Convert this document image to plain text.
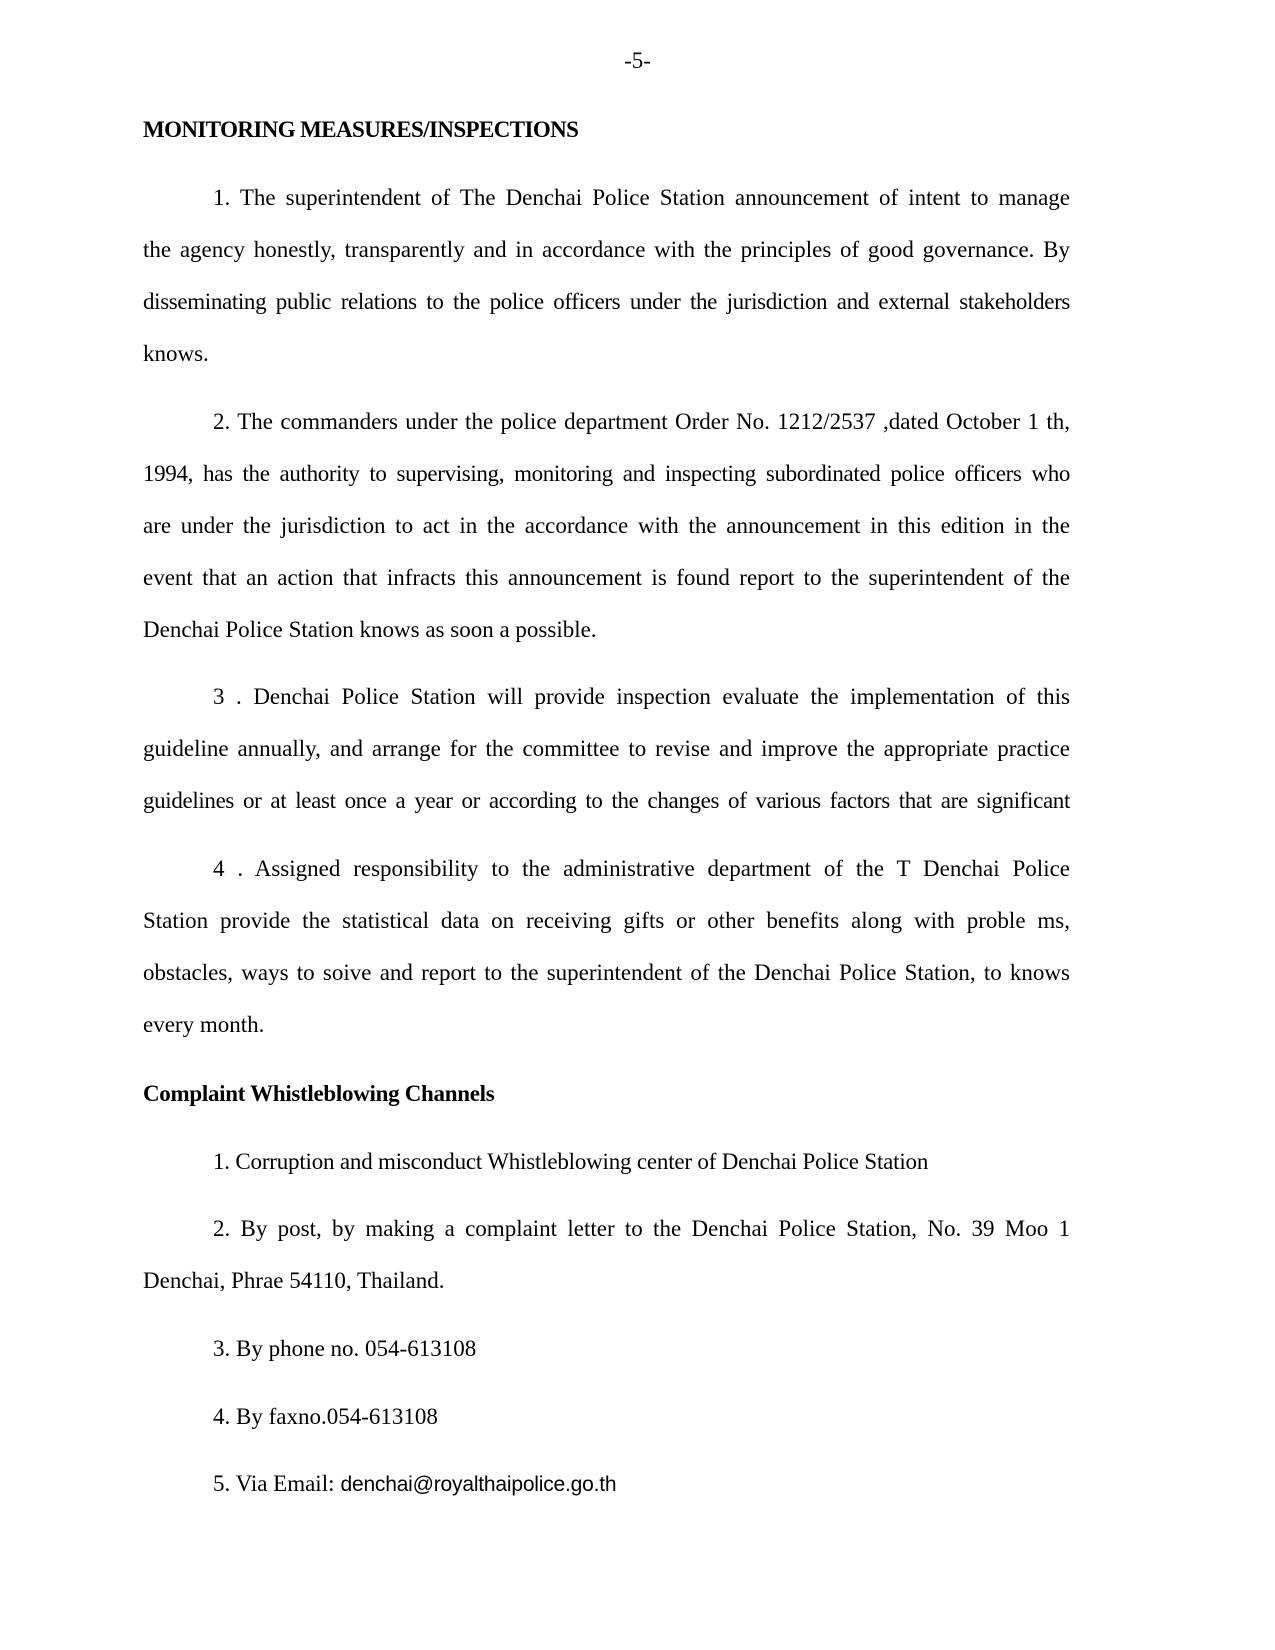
-5-
MONITORING MEASURES/INSPECTIONS

1. The superintendent of The Denchai Police Station announcement of intent to manage
the agency honestly, transparently and in accordance with the principles of good governance. By
disseminating public relations to the police officers under the jurisdiction and external stakeholders
knows.

2. The commanders under the police department Order No. 1212/2537 ,dated October 1 th,
1994, has the authority to supervising, monitoring and inspecting subordinated police officers who
are under the jurisdiction to act in the accordance with the announcement in this edition in the
event that an action that infracts this announcement is found report to the superintendent of the
Denchai Police Station knows as soon a possible.

3 . Denchai Police Station will provide inspection evaluate the implementation of this
guideline annually, and arrange for the committee to revise and improve the appropriate practice
guidelines or at least once a year or according to the changes of various factors that are significant

4 . Assigned responsibility to the administrative department of the T Denchai Police
Station provide the statistical data on receiving gifts or other benefits along with proble ms,
obstacles, ways to soive and report to the superintendent of the Denchai Police Station, to knows
every month.

Complaint Whistleblowing Channels
1. Corruption and misconduct Whistleblowing center of Denchai Police Station
2. By post, by making a complaint letter to the Denchai Police Station, No. 39 Moo 1
Denchai, Phrae 54110, Thailand.
3. By phone no. 054-613108
4. By faxno.054-613108
5. Via Email: denchai@royalthaipolice.go.th
